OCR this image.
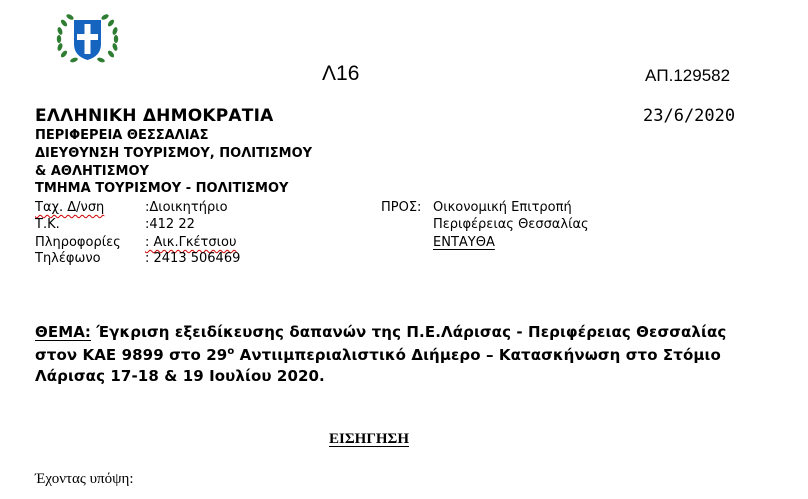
Λ16	ΑΠ.129582
ΕΛΛΗΝΙΚΗ ΔΗΜΟΚΡΑΤΙΑ	23/6/2020
ΠΕΡΙΦΕΡΕΙΑ ΘΕΣΣΑΛΙΑΣ
ΔΙΕΥΘΥΝΣΗ ΤΟΥΡΙΣΜΟΥ, ΠΟΛΙΤΙΣΜΟΥ
& ΑΘΛΗΤΙΣΜΟΥ
ΤΜΗΜΑ ΤΟΥΡΙΣΜΟΥ - ΠΟΛΙΤΙΣΜΟΥ
Ταχ. Δ/νση	:Διοικητήριο
Τ.Κ.	:412 22
Πληροφορίες : Αικ.Γκέτσιου
Τηλέφωνο	: 2413 506469
ΠΡΟΣ: Οικονομική Επιτροπή
Περιφέρειας Θεσσαλίας
ΕΝΤΑΥΘΑ
ΘΕΜΑ: Έγκριση εξειδίκευσης δαπανών της Π.Ε.Λάρισας - Περιφέρειας Θεσσαλίας
στον ΚΑΕ 9899 στο $29^o$ Αντιιμπεριαλιστικό Διήμερο – Κατασκήνωση στο Στόμιο
Λάρισας 17-18 & 19 Ιουλίου 2020.
ΕΙΣΗΓΗΣΗ
Έχοντας υπόψη:
